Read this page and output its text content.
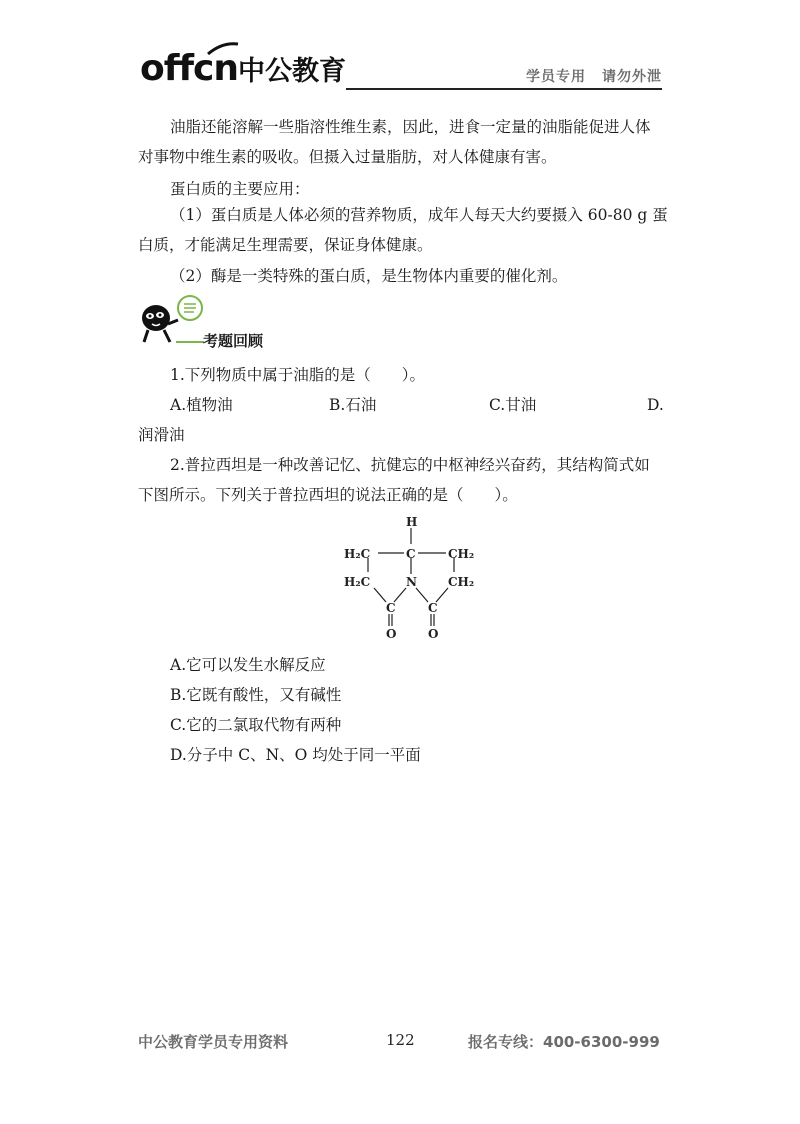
offcn 中公教育	学员专用 请勿外泄
油脂还能溶解一些脂溶性维生素，因此，进食一定量的油脂能促进人体
对事物中维生素的吸收。但摄入过量脂肪，对人体健康有害。
蛋白质的主要应用：
（1）蛋白质是人体必须的营养物质，成年人每天大约要摄入 60-80 g 蛋
白质，才能满足生理需要，保证身体健康。
（2）酶是一类特殊的蛋白质，是生物体内重要的催化剂。
考题回顾
1.下列物质中属于油脂的是（　　）。
A.植物油	B.石油	C.甘油	D.
润滑油
2.普拉西坦是一种改善记忆、抗健忘的中枢神经兴奋药，其结构简式如
下图所示。下列关于普拉西坦的说法正确的是（　　）。
H
H₂C	C	CH₂
H₂C	N	CH₂
C	C
O	O
A.它可以发生水解反应
B.它既有酸性，又有碱性
C.它的二氯取代物有两种
D.分子中 C、N、O 均处于同一平面
中公教育学员专用资料	122	报名专线：400-6300-999
